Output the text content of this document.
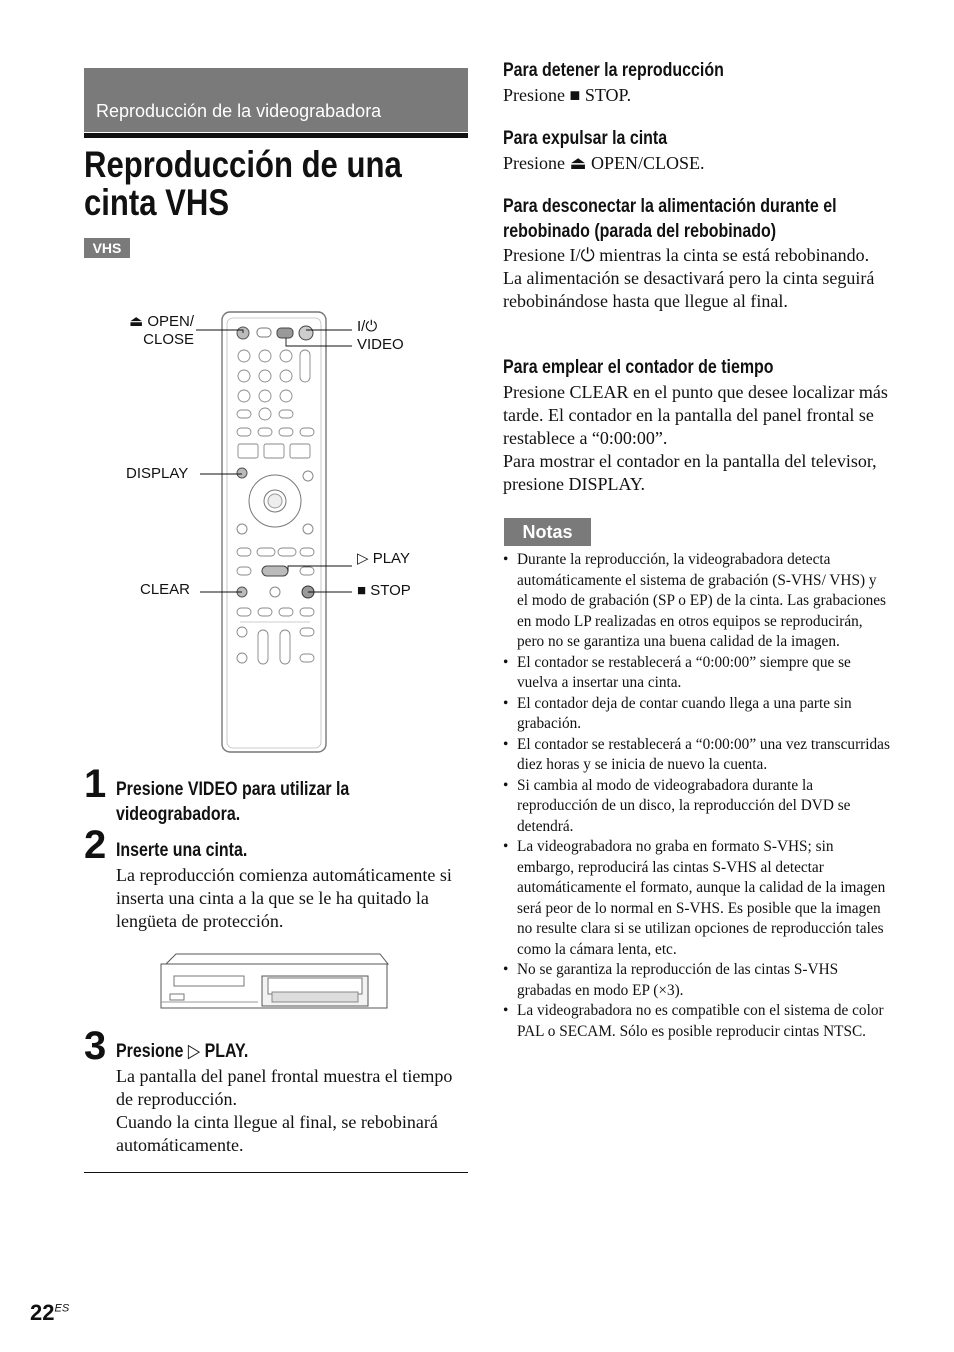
Reproducción de la videograbadora
Reproducción de una cinta VHS
VHS
⏏ OPEN/
CLOSE
I/⏻
VIDEO
DISPLAY
▷ PLAY
CLEAR	■ STOP
1 Presione VIDEO para utilizar la
videograbadora.
2 Inserte una cinta.
La reproducción comienza automáticamente si inserta una cinta a la que se le ha quitado la lengüeta de protección.
3 Presione ▷ PLAY.
La pantalla del panel frontal muestra el tiempo de reproducción.
Cuando la cinta llegue al final, se rebobinará automáticamente.
Para detener la reproducción
Presione ■ STOP.
Para expulsar la cinta
Presione ⏏ OPEN/CLOSE.
Para desconectar la alimentación durante el
rebobinado (parada del rebobinado)
Presione I/⏻ mientras la cinta se está rebobinando. La alimentación se desactivará pero la cinta seguirá rebobinándose hasta que llegue al final.
Para emplear el contador de tiempo
Presione CLEAR en el punto que desee localizar más tarde. El contador en la pantalla del panel frontal se restablece a “0:00:00”.
Para mostrar el contador en la pantalla del televisor, presione DISPLAY.
Notas
• Durante la reproducción, la videograbadora detecta automáticamente el sistema de grabación (S-VHS/ VHS) y el modo de grabación (SP o EP) de la cinta. Las grabaciones en modo LP realizadas en otros equipos se reproducirán, pero no se garantiza una buena calidad de la imagen.
• El contador se restablecerá a “0:00:00” siempre que se vuelva a insertar una cinta.
• El contador deja de contar cuando llega a una parte sin grabación.
• El contador se restablecerá a “0:00:00” una vez transcurridas diez horas y se inicia de nuevo la cuenta.
• Si cambia al modo de videograbadora durante la reproducción de un disco, la reproducción del DVD se detendrá.
• La videograbadora no graba en formato S-VHS; sin embargo, reproducirá las cintas S-VHS al detectar automáticamente el formato, aunque la calidad de la imagen será peor de lo normal en S-VHS. Es posible que la imagen no resulte clara si se utilizan opciones de reproducción tales como la cámara lenta, etc.
• No se garantiza la reproducción de las cintas S-VHS grabadas en modo EP (×3).
• La videograbadora no es compatible con el sistema de color PAL o SECAM. Sólo es posible reproducir cintas NTSC.
$22^{ES}$
